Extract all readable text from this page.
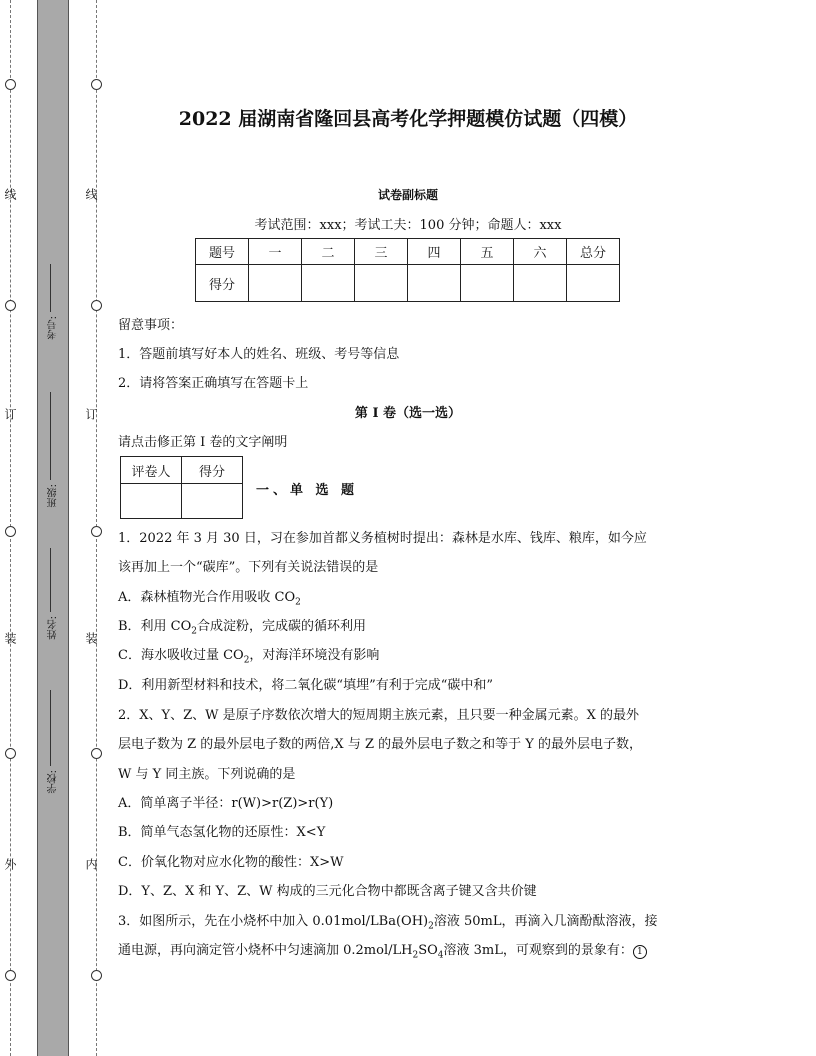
线
订
装
外
线
订
装
内
考号:
班级:
姓名:
学校:
2022 届湖南省隆回县高考化学押题模仿试题（四模）
试卷副标题
考试范围：xxx；考试工夫：100 分钟；命题人：xxx
题号	一	二	三	四	五	六	总分
得分							
留意事项：
1．答题前填写好本人的姓名、班级、考号等信息
2．请将答案正确填写在答题卡上
第 I 卷（选一选）
请点击修正第 I 卷的文字阐明
评卷人	得分

一、单 选 题
1．2022 年 3 月 30 日，习在参加首都义务植树时提出：森林是水库、钱库、粮库，如今应
该再加上一个“碳库”。下列有关说法错误的是
A．森林植物光合作用吸收 $CO_2$
B．利用 $CO_2$合成淀粉，完成碳的循环利用
C．海水吸收过量 $CO_2$，对海洋环境没有影响
D．利用新型材料和技术，将二氧化碳“填埋”有利于完成“碳中和”
2．X、Y、Z、W 是原子序数依次增大的短周期主族元素，且只要一种金属元素。X 的最外
层电子数为 Z 的最外层电子数的两倍,X 与 Z 的最外层电子数之和等于 Y 的最外层电子数，
W 与 Y 同主族。下列说确的是
A．简单离子半径：r(W)>r(Z)>r(Y)
B．简单气态氢化物的还原性：X<Y
C．价氧化物对应水化物的酸性：X>W
D．Y、Z、X 和 Y、Z、W 构成的三元化合物中都既含离子键又含共价键
3．如图所示，先在小烧杯中加入 $0.01mol/LBa(OH)_2$溶液 50mL，再滴入几滴酚酞溶液，接
通电源，再向滴定管小烧杯中匀速滴加 $0.2mol/LH_2SO_4$溶液 3mL，可观察到的景象有： 1
